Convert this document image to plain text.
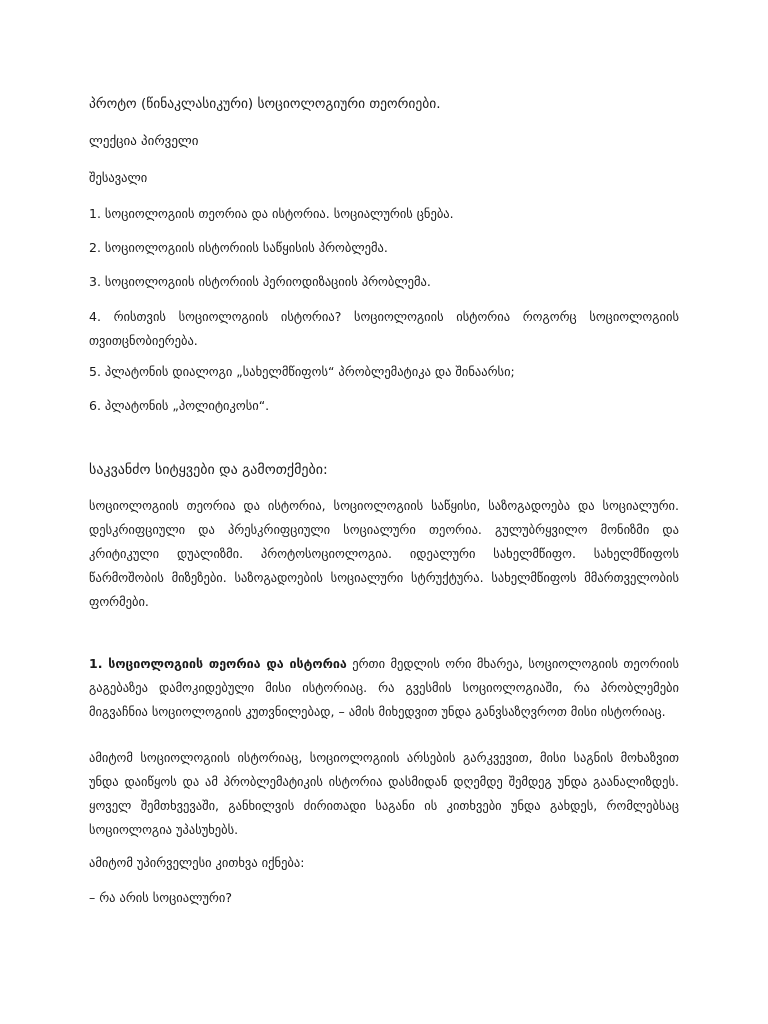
პროტო (წინაკლასიკური) სოციოლოგიური თეორიები.

ლექცია პირველი

შესავალი

1. სოციოლოგიის თეორია და ისტორია. სოციალურის ცნება.

2. სოციოლოგიის ისტორიის საწყისის პრობლემა.

3. სოციოლოგიის ისტორიის პერიოდიზაციის პრობლემა.

4. რისთვის სოციოლოგიის ისტორია? სოციოლოგიის ისტორია როგორც სოციოლოგიის თვითცნობიერება.

5. პლატონის დიალოგი „სახელმწიფოს“ პრობლემატიკა და შინაარსი;

6. პლატონის „პოლიტიკოსი“.

საკვანძო სიტყვები და გამოთქმები:

სოციოლოგიის თეორია და ისტორია, სოციოლოგიის საწყისი, საზოგადოება და სოციალური. დესკრიფციული და პრესკრიფციული სოციალური თეორია. გულუბრყვილო მონიზმი და კრიტიკული დუალიზმი. პროტოსოციოლოგია. იდეალური სახელმწიფო. სახელმწიფოს წარმოშობის მიზეზები. საზოგადოების სოციალური სტრუქტურა. სახელმწიფოს მმართველობის ფორმები.

1. სოციოლოგიის თეორია და ისტორია ერთი მედლის ორი მხარეა, სოციოლოგიის თეორიის გაგებაზეა დამოკიდებული მისი ისტორიაც. რა გვესმის სოციოლოგიაში, რა პრობლემები მიგვაჩნია სოციოლოგიის კუთვნილებად, – ამის მიხედვით უნდა განვსაზღვროთ მისი ისტორიაც.

ამიტომ სოციოლოგიის ისტორიაც, სოციოლოგიის არსების გარკვევით, მისი საგნის მოხაზვით უნდა დაიწყოს და ამ პრობლემატიკის ისტორია დასმიდან დღემდე შემდეგ უნდა გაანალიზდეს. ყოველ შემთხვევაში, განხილვის ძირითადი საგანი ის კითხვები უნდა გახდეს, რომლებსაც სოციოლოგია უპასუხებს.

ამიტომ უპირველესი კითხვა იქნება:

– რა არის სოციალური?
